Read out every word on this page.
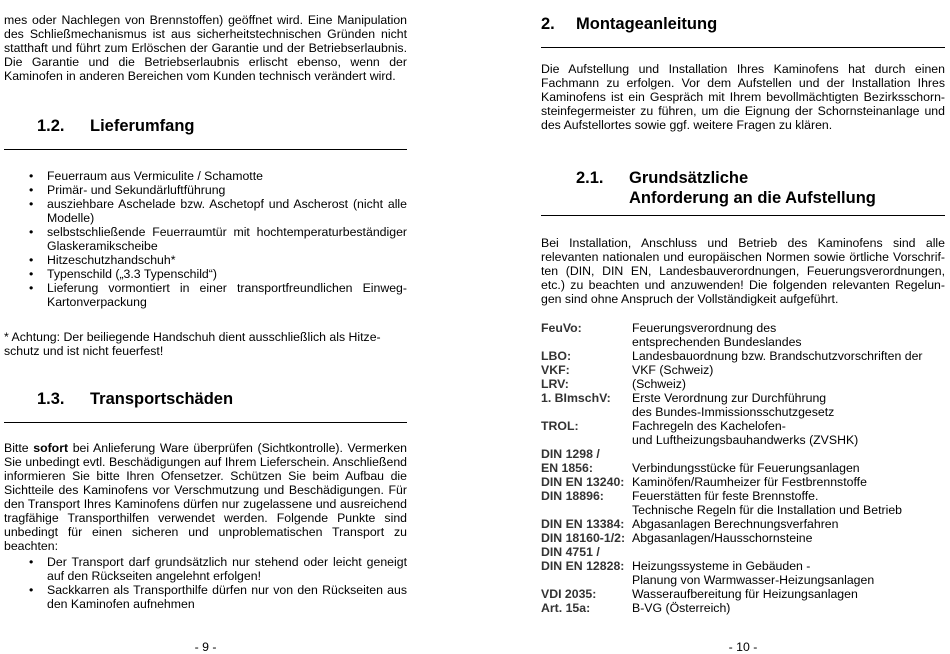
mes oder Nachlegen von Brennstoffen) geöffnet wird. Eine Manipulation des Schließmechanismus ist aus sicherheitstechnischen Gründen nicht statthaft und führt zum Erlöschen der Garantie und der Betriebserlaubnis. Die Garantie und die Betriebserlaubnis erlischt ebenso, wenn der Kaminofen in anderen Bereichen vom Kunden technisch verändert wird.

1.2. Lieferumfang
• Feuerraum aus Vermiculite / Schamotte
• Primär- und Sekundärluftführung
• ausziehbare Aschelade bzw. Aschetopf und Ascherost (nicht alle Modelle)
• selbstschließende Feuerraumtür mit hochtemperaturbeständiger Glaskeramikscheibe
• Hitzeschutzhandschuh*
• Typenschild („3.3 Typenschild“)
• Lieferung vormontiert in einer transportfreundlichen Einweg-Kartonverpackung

* Achtung: Der beiliegende Handschuh dient ausschließlich als Hitze-schutz und ist nicht feuerfest!

1.3. Transportschäden

Bitte sofort bei Anlieferung Ware überprüfen (Sichtkontrolle). Vermerken Sie unbedingt evtl. Beschädigungen auf Ihrem Lieferschein. Anschließend informieren Sie bitte Ihren Ofensetzer. Schützen Sie beim Aufbau die Sichtteile des Kaminofens vor Verschmutzung und Beschädigungen. Für den Transport Ihres Kaminofens dürfen nur zugelassene und ausreichend tragfähige Transporthilfen verwendet werden. Folgende Punkte sind unbedingt für einen sicheren und unproblematischen Transport zu beachten:

• Der Transport darf grundsätzlich nur stehend oder leicht geneigt auf den Rückseiten angelehnt erfolgen!
• Sackkarren als Transporthilfe dürfen nur von den Rückseiten aus den Kaminofen aufnehmen
- 9 -
2. Montageanleitung

Die Aufstellung und Installation Ihres Kaminofens hat durch einen Fachmann zu erfolgen. Vor dem Aufstellen und der Installation Ihres Kaminofens ist ein Gespräch mit Ihrem bevollmächtigten Bezirksschorn-steinfegermeister zu führen, um die Eignung der Schornsteinanlage und des Aufstellortes sowie ggf. weitere Fragen zu klären.

2.1. Grundsätzliche
Anforderung an die Aufstellung

Bei Installation, Anschluss und Betrieb des Kaminofens sind alle relevanten nationalen und europäischen Normen sowie örtliche Vorschrif-ten (DIN, DIN EN, Landesbauverordnungen, Feuerungsverordnungen, etc.) zu beachten und anzuwenden! Die folgenden relevanten Regelun-gen sind ohne Anspruch der Vollständigkeit aufgeführt.

FeuVo:	Feuerungsverordnung des
	entsprechenden Bundeslandes
LBO:	Landesbauordnung bzw. Brandschutzvorschriften der
VKF:	VKF (Schweiz)
LRV:	(Schweiz)
1. BImschV:	Erste Verordnung zur Durchführung
	des Bundes-Immissionsschutzgesetz
TROL:	Fachregeln des Kachelofen-
	und Luftheizungsbauhandwerks (ZVSHK)
DIN 1298 /	
EN 1856:	Verbindungsstücke für Feuerungsanlagen
DIN EN 13240:	Kaminöfen/Raumheizer für Festbrennstoffe
DIN 18896:	Feuerstätten für feste Brennstoffe.
	Technische Regeln für die Installation und Betrieb
DIN EN 13384:	Abgasanlagen Berechnungsverfahren
DIN 18160-1/2:	Abgasanlagen/Hausschornsteine
DIN 4751 /	
DIN EN 12828:	Heizungssysteme in Gebäuden -
	Planung von Warmwasser-Heizungsanlagen
VDI 2035:	Wasseraufbereitung für Heizungsanlagen
Art. 15a:	B-VG (Österreich)
- 10 -
